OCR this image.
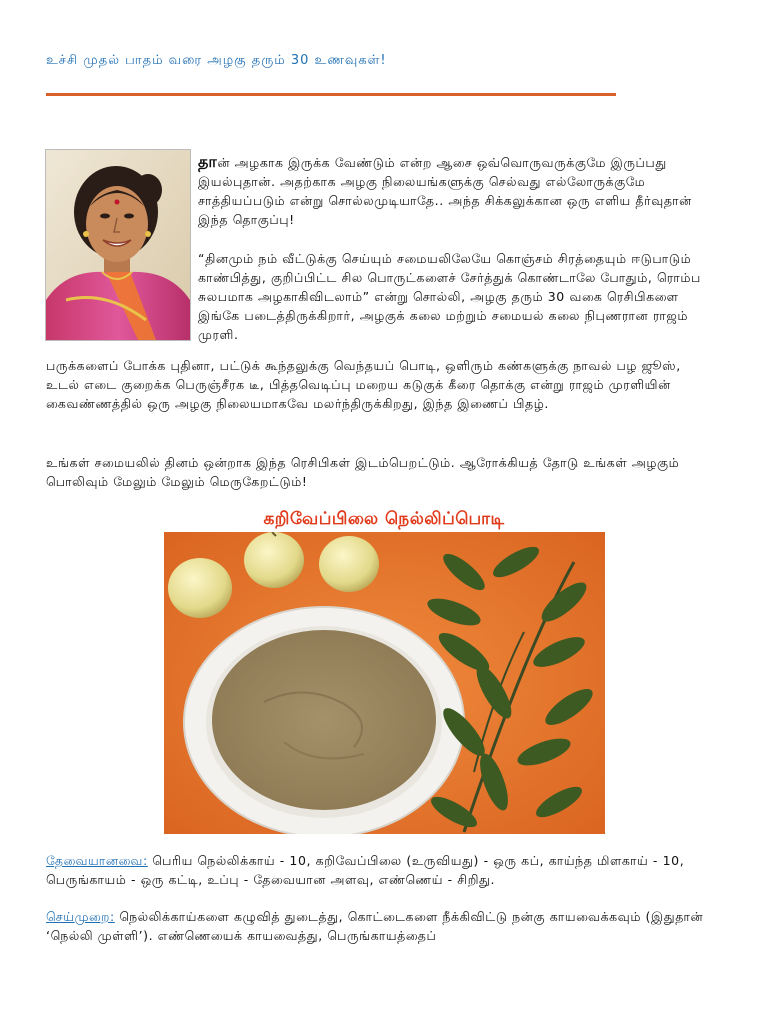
உச்சி முதல் பாதம் வரை அழகு தரும் 30 உணவுகள்!

தான் அழகாக இருக்க வேண்டும் என்ற ஆசை ஒவ்வொருவருக்குமே இருப்பது இயல்புதான். அதற்காக அழகு நிலையங்களுக்கு செல்வது எல்லோருக்குமே சாத்தியப்படும் என்று சொல்லமுடியாதே.. அந்த சிக்கலுக்கான ஒரு எளிய தீர்வுதான் இந்த தொகுப்பு!

“தினமும் நம் வீட்டுக்கு செய்யும் சமையலிலேயே கொஞ்சம் சிரத்தையும் ஈடுபாடும் காண்பித்து, குறிப்பிட்ட சில பொருட்களைச் சேர்த்துக் கொண்டாலே போதும், ரொம்ப சுலபமாக அழகாகிவிடலாம்” என்று சொல்லி, அழகு தரும் 30 வகை ரெசிபிகளை இங்கே படைத்திருக்கிறார், அழகுக் கலை மற்றும் சமையல் கலை நிபுணரான ராஜம் முரளி.

பருக்களைப் போக்க புதினா, பட்டுக் கூந்தலுக்கு வெந்தயப் பொடி, ஒளிரும் கண்களுக்கு நாவல் பழ ஜூஸ், உடல் எடை குறைக்க பெருஞ்சீரக டீ, பித்தவெடிப்பு மறைய கடுகுக் கீரை தொக்கு என்று ராஜம் முரளியின் கைவண்ணத்தில் ஒரு அழகு நிலையமாகவே மலர்ந்திருக்கிறது, இந்த இணைப் பிதழ்.

உங்கள் சமையலில் தினம் ஒன்றாக இந்த ரெசிபிகள் இடம்பெறட்டும். ஆரோக்கியத் தோடு உங்கள் அழகும் பொலிவும் மேலும் மேலும் மெருகேறட்டும்!

கறிவேப்பிலை நெல்லிப்பொடி

தேவையானவை: பெரிய நெல்லிக்காய் - 10, கறிவேப்பிலை (உருவியது) - ஒரு கப், காய்ந்த மிளகாய் - 10, பெருங்காயம் - ஒரு கட்டி, உப்பு - தேவையான அளவு, எண்ணெய் - சிறிது.

செய்முறை: நெல்லிக்காய்களை கழுவித் துடைத்து, கொட்டைகளை நீக்கிவிட்டு நன்கு காயவைக்கவும் (இதுதான் ‘நெல்லி முள்ளி’). எண்ணெயைக் காயவைத்து, பெருங்காயத்தைப்
